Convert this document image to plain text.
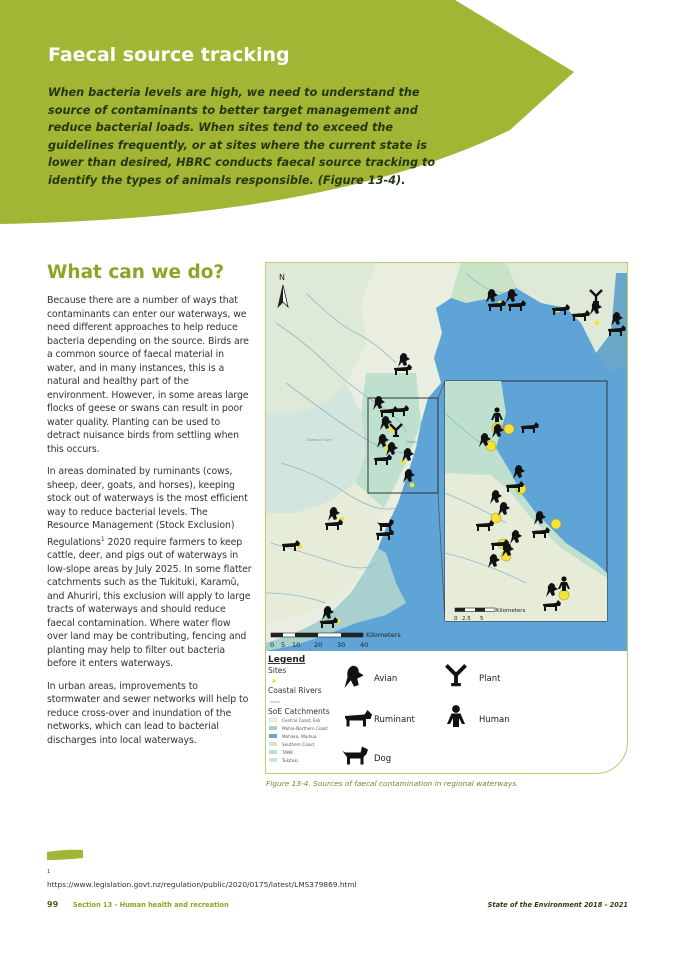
Faecal source tracking

When bacteria levels are high, we need to understand the source of contaminants to better target management and reduce bacterial loads. When sites tend to exceed the guidelines frequently, or at sites where the current state is lower than desired, HBRC conducts faecal source tracking to identify the types of animals responsible. (Figure 13-4).

What can we do?

Because there are a number of ways that contaminants can enter our waterways, we need different approaches to help reduce bacteria depending on the source. Birds are a common source of faecal material in water, and in many instances, this is a natural and healthy part of the environment. However, in some areas large flocks of geese or swans can result in poor water quality. Planting can be used to detract nuisance birds from settling when this occurs.

In areas dominated by ruminants (cows, sheep, deer, goats, and horses), keeping stock out of waterways is the most efficient way to reduce bacterial levels. The Resource Management (Stock Exclusion) Regulations$^1$ 2020 require farmers to keep cattle, deer, and pigs out of waterways in low-slope areas by July 2025. In some flatter catchments such as the Tukituki, Karamū, and Ahuriri, this exclusion will apply to large tracts of waterways and should reduce faecal contamination. Where water flow over land may be contributing, fencing and planting may help to filter out bacteria before it enters waterways.

In urban areas, improvements to stormwater and sewer networks will help to reduce cross-over and inundation of the networks, which can lead to bacterial discharges into local waterways.

N
Tutaekuri River	Napier
Kilometers
0 2.5 5
Kilometers
0 5 10 20 30 40
Legend
Sites
Coastal Rivers
SoE Catchments
Central Coast, Esk
Mahia-Northern Coast
Mohaka, Waihua
Southern Coast
TANK
Tukituki
Avian	Plant
Ruminant	Human
Dog

Figure 13-4. Sources of faecal contamination in regional waterways.

$^1$ https://www.legislation.govt.nz/regulation/public/2020/0175/latest/LMS379869.html

99 Section 13 - Human health and recreation	State of the Environment 2018 - 2021
